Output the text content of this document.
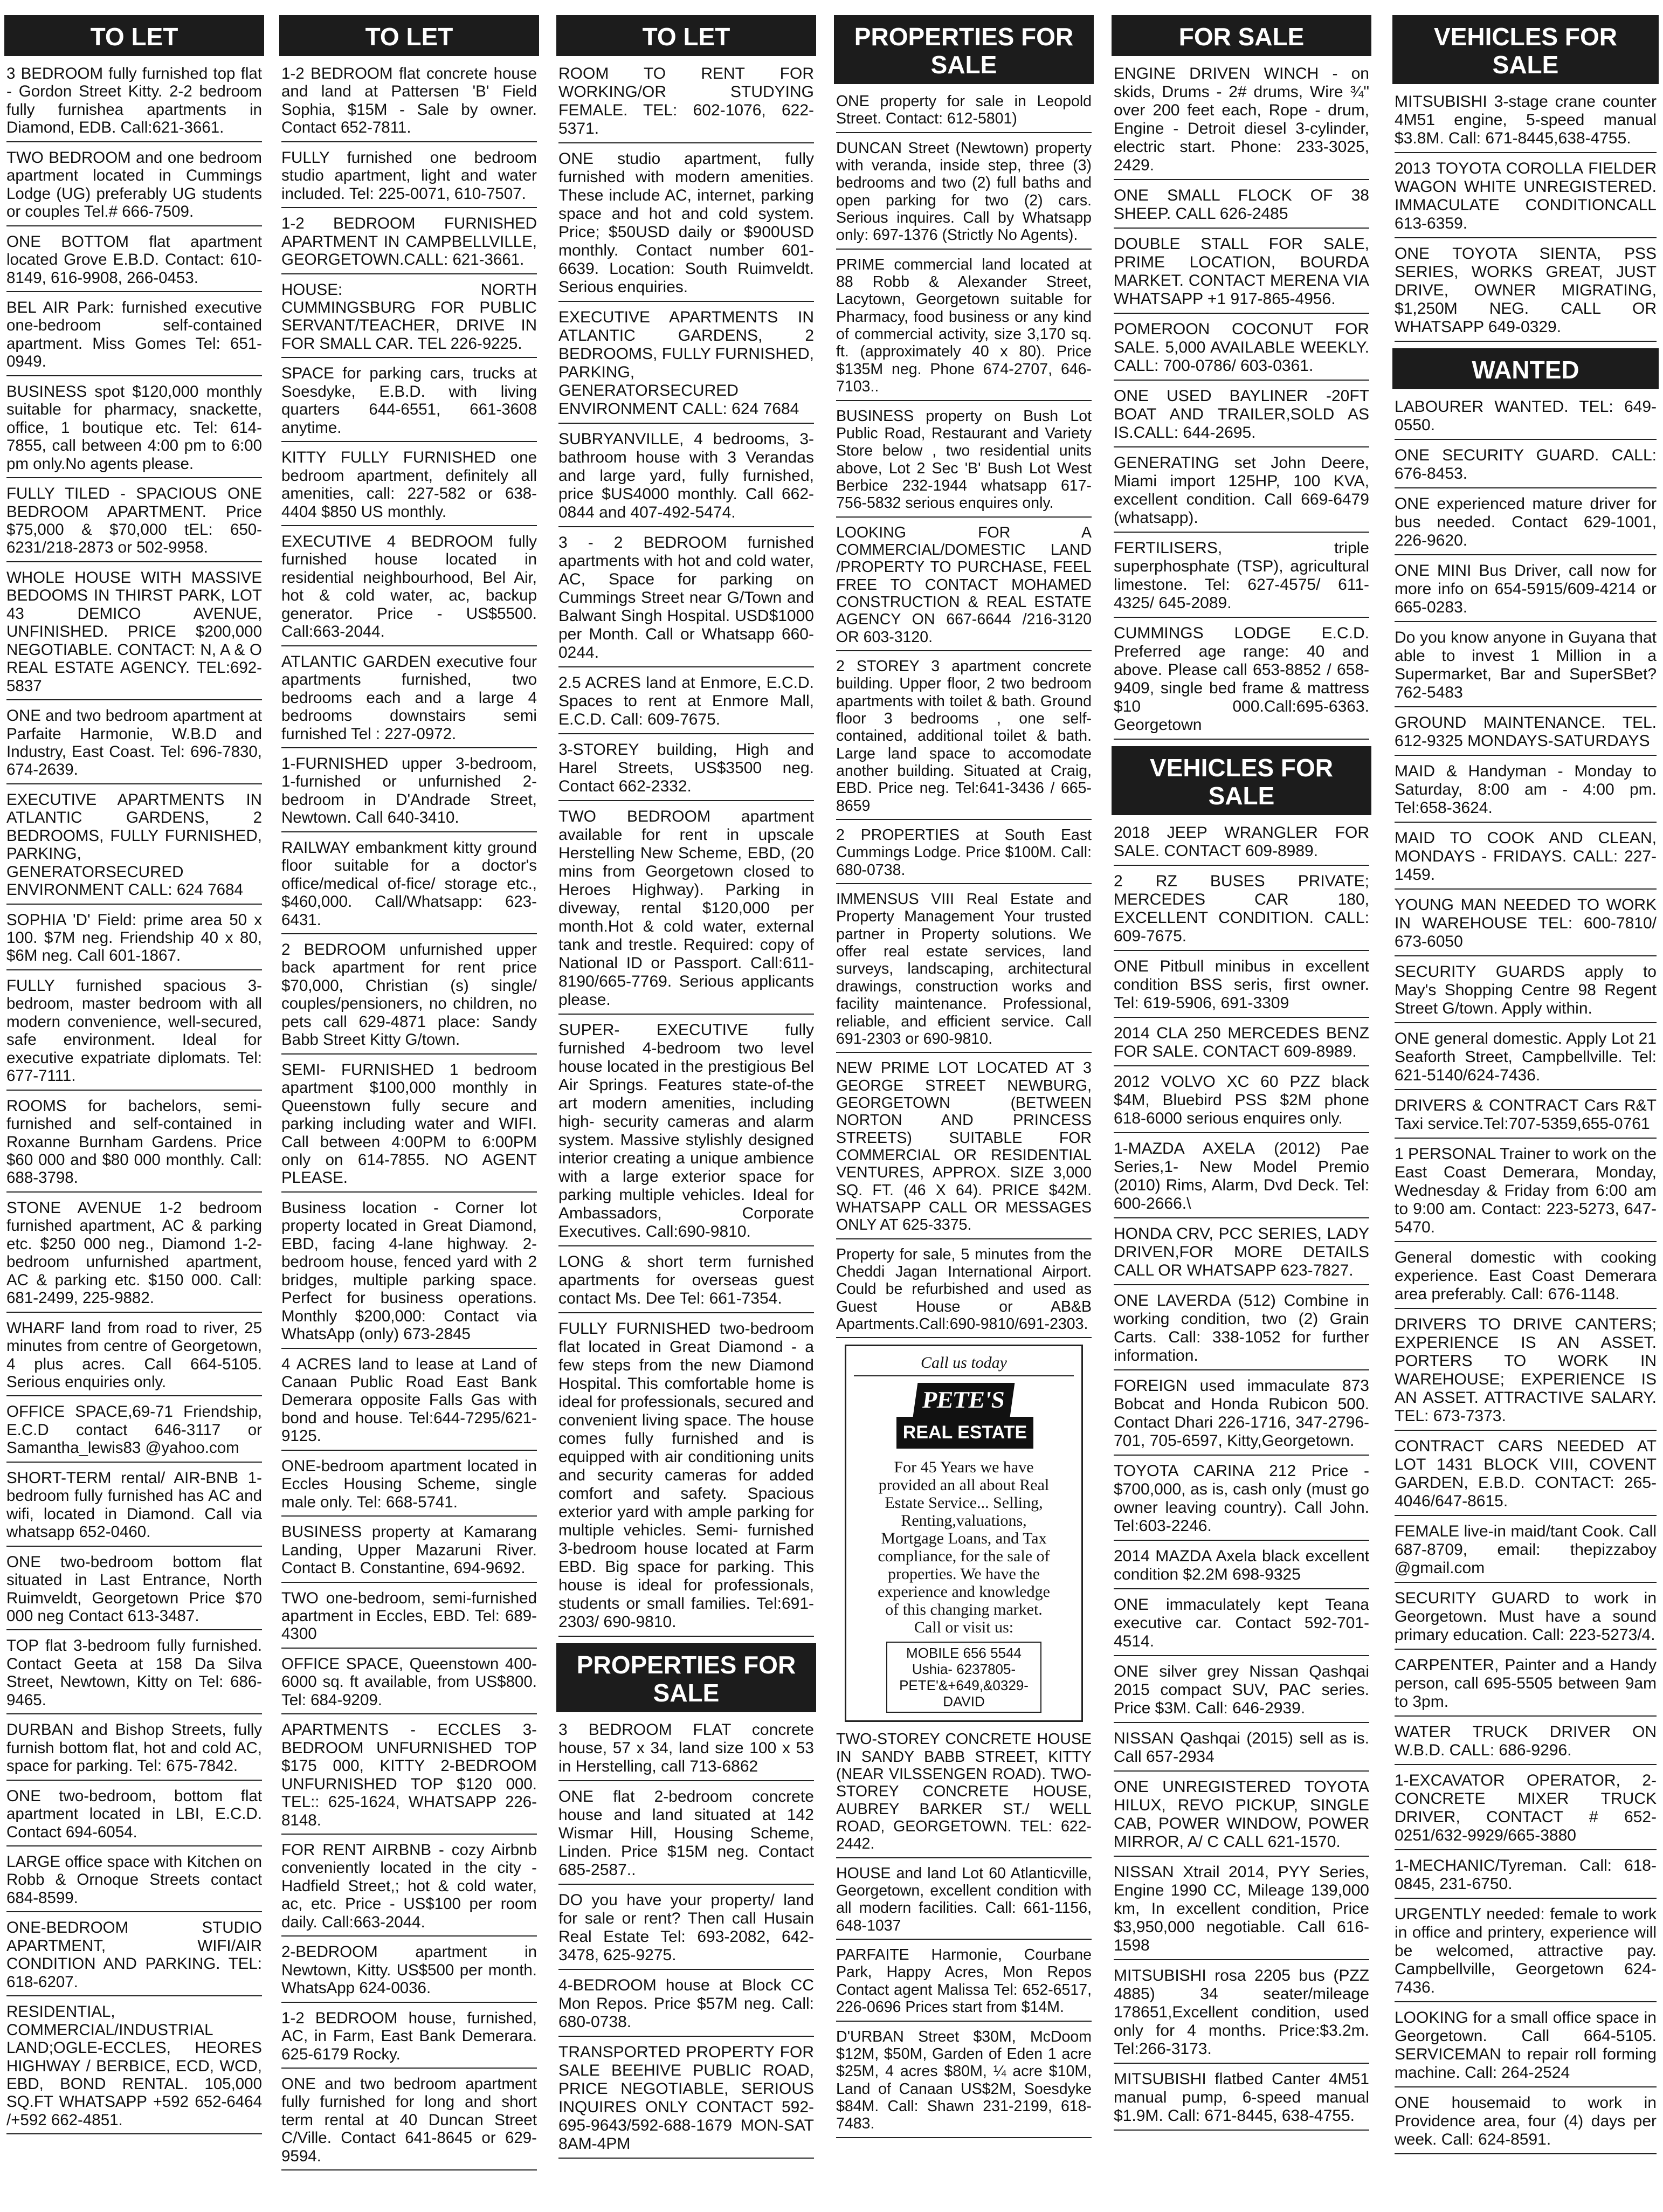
TO LET
3 BEDROOM fully furnished top flat - Gordon Street Kitty. 2-2 bedroom fully furnishea apartments in Diamond, EDB. Call:621-3661.
TWO BEDROOM and one bedroom apartment located in Cummings Lodge (UG) preferably UG students or couples Tel.# 666-7509.
ONE BOTTOM flat apartment located Grove E.B.D. Contact: 610-8149, 616-9908, 266-0453.
BEL AIR Park: furnished executive one-bedroom self-contained apartment. Miss Gomes Tel: 651-0949.
BUSINESS spot $120,000 monthly suitable for pharmacy, snackette, office, 1 boutique etc. Tel: 614-7855, call between 4:00 pm to 6:00 pm only.No agents please.
FULLY TILED - SPACIOUS ONE BEDROOM APARTMENT. Price $75,000 & $70,000 tEL: 650-6231/218-2873 or 502-9958.
WHOLE HOUSE WITH MASSIVE BEDOOMS IN THIRST PARK, LOT 43 DEMICO AVENUE, UNFINISHED. PRICE $200,000 NEGOTIABLE. CONTACT: N, A & O REAL ESTATE AGENCY. TEL:692-5837
ONE and two bedroom apartment at Parfaite Harmonie, W.B.D and Industry, East Coast. Tel: 696-7830, 674-2639.
EXECUTIVE APARTMENTS IN ATLANTIC GARDENS, 2 BEDROOMS, FULLY FURNISHED, PARKING, GENERATORSECURED ENVIRONMENT CALL: 624 7684
SOPHIA 'D' Field: prime area 50 x 100. $7M neg. Friendship 40 x 80, $6M neg. Call 601-1867.
FULLY furnished spacious 3-bedroom, master bedroom with all modern convenience, well-secured, safe environment. Ideal for executive expatriate diplomats. Tel: 677-7111.
ROOMS for bachelors, semi-furnished and self-contained in Roxanne Burnham Gardens. Price $60 000 and $80 000 monthly. Call: 688-3798.
STONE AVENUE 1-2 bedroom furnished apartment, AC & parking etc. $250 000 neg., Diamond 1-2-bedroom unfurnished apartment, AC & parking etc. $150 000. Call: 681-2499, 225-9882.
WHARF land from road to river, 25 minutes from centre of Georgetown, 4 plus acres. Call 664-5105. Serious enquiries only.
OFFICE SPACE,69-71 Friendship, E.C.D contact 646-3117 or Samantha_lewis83 @yahoo.com
SHORT-TERM rental/ AIR-BNB 1-bedroom fully furnished has AC and wifi, located in Diamond. Call via whatsapp 652-0460.
ONE two-bedroom bottom flat situated in Last Entrance, North Ruimveldt, Georgetown Price $70 000 neg Contact 613-3487.
TOP flat 3-bedroom fully furnished. Contact Geeta at 158 Da Silva Street, Newtown, Kitty on Tel: 686-9465.
DURBAN and Bishop Streets, fully furnish bottom flat, hot and cold AC, space for parking. Tel: 675-7842.
ONE two-bedroom, bottom flat apartment located in LBI, E.C.D. Contact 694-6054.
LARGE office space with Kitchen on Robb & Ornoque Streets contact 684-8599.
ONE-BEDROOM STUDIO APARTMENT, WIFI/AIR CONDITION AND PARKING. TEL: 618-6207.
RESIDENTIAL, COMMERCIAL/INDUSTRIAL LAND;OGLE-ECCLES, HEORES HIGHWAY / BERBICE, ECD, WCD, EBD, BOND RENTAL. 105,000 SQ.FT WHATSAPP +592 652-6464 /+592 662-4851.
TO LET
1-2 BEDROOM flat concrete house and land at Pattersen 'B' Field Sophia, $15M - Sale by owner. Contact 652-7811.
FULLY furnished one bedroom studio apartment, light and water included. Tel: 225-0071, 610-7507.
1-2 BEDROOM FURNISHED APARTMENT IN CAMPBELLVILLE, GEORGETOWN.CALL: 621-3661.
HOUSE: NORTH CUMMINGSBURG FOR PUBLIC SERVANT/TEACHER, DRIVE IN FOR SMALL CAR. TEL 226-9225.
SPACE for parking cars, trucks at Soesdyke, E.B.D. with living quarters 644-6551, 661-3608 anytime.
KITTY FULLY FURNISHED one bedroom apartment, definitely all amenities, call: 227-582 or 638-4404 $850 US monthly.
EXECUTIVE 4 BEDROOM fully furnished house located in residential neighbourhood, Bel Air, hot & cold water, ac, backup generator. Price - US$5500. Call:663-2044.
ATLANTIC GARDEN executive four apartments furnished, two bedrooms each and a large 4 bedrooms downstairs semi furnished Tel : 227-0972.
1-FURNISHED upper 3-bedroom, 1-furnished or unfurnished 2-bedroom in D'Andrade Street, Newtown. Call 640-3410.
RAILWAY embankment kitty ground floor suitable for a doctor's office/medical of-fice/ storage etc., $460,000. Call/Whatsapp: 623-6431.
2 BEDROOM unfurnished upper back apartment for rent price $70,000, Christian (s) single/ couples/pensioners, no children, no pets call 629-4871 place: Sandy Babb Street Kitty G/town.
SEMI- FURNISHED 1 bedroom apartment $100,000 monthly in Queenstown fully secure and parking including water and WIFI. Call between 4:00PM to 6:00PM only on 614-7855. NO AGENT PLEASE.
Business location - Corner lot property located in Great Diamond, EBD, facing 4-lane highway. 2-bedroom house, fenced yard with 2 bridges, multiple parking space. Perfect for business operations. Monthly $200,000: Contact via WhatsApp (only) 673-2845
4 ACRES land to lease at Land of Canaan Public Road East Bank Demerara opposite Falls Gas with bond and house. Tel:644-7295/621-9125.
ONE-bedroom apartment located in Eccles Housing Scheme, single male only. Tel: 668-5741.
BUSINESS property at Kamarang Landing, Upper Mazaruni River. Contact B. Constantine, 694-9692.
TWO one-bedroom, semi-furnished apartment in Eccles, EBD. Tel: 689-4300
OFFICE SPACE, Queenstown 400-6000 sq. ft available, from US$800. Tel: 684-9209.
APARTMENTS - ECCLES 3-BEDROOM UNFURNISHED TOP $175 000, KITTY 2-BEDROOM UNFURNISHED TOP $120 000. TEL:: 625-1624, WHATSAPP 226-8148.
FOR RENT AIRBNB - cozy Airbnb conveniently located in the city - Hadfield Street,; hot & cold water, ac, etc. Price - US$100 per room daily. Call:663-2044.
2-BEDROOM apartment in Newtown, Kitty. US$500 per month. WhatsApp 624-0036.
1-2 BEDROOM house, furnished, AC, in Farm, East Bank Demerara. 625-6179 Rocky.
ONE and two bedroom apartment fully furnished for long and short term rental at 40 Duncan Street C/Ville. Contact 641-8645 or 629-9594.
TO LET
ROOM TO RENT FOR WORKING/OR STUDYING FEMALE. TEL: 602-1076, 622-5371.
ONE studio apartment, fully furnished with modern amenities. These include AC, internet, parking space and hot and cold system. Price; $50USD daily or $900USD monthly. Contact number 601-6639. Location: South Ruimveldt. Serious enquiries.
EXECUTIVE APARTMENTS IN ATLANTIC GARDENS, 2 BEDROOMS, FULLY FURNISHED, PARKING, GENERATORSECURED ENVIRONMENT CALL: 624 7684
SUBRYANVILLE, 4 bedrooms, 3-bathroom house with 3 Verandas and large yard, fully furnished, price $US4000 monthly. Call 662-0844 and 407-492-5474.
3 - 2 BEDROOM furnished apartments with hot and cold water, AC, Space for parking on Cummings Street near G/Town and Balwant Singh Hospital. USD$1000 per Month. Call or Whatsapp 660-0244.
2.5 ACRES land at Enmore, E.C.D. Spaces to rent at Enmore Mall, E.C.D. Call: 609-7675.
3-STOREY building, High and Harel Streets, US$3500 neg. Contact 662-2332.
TWO BEDROOM apartment available for rent in upscale Herstelling New Scheme, EBD, (20 mins from Georgetown closed to Heroes Highway). Parking in diveway, rental $120,000 per month.Hot & cold water, external tank and trestle. Required: copy of National ID or Passport. Call:611-8190/665-7769. Serious applicants please.
SUPER- EXECUTIVE fully furnished 4-bedroom two level house located in the prestigious Bel Air Springs. Features state-of-the art modern amenities, including high- security cameras and alarm system. Massive stylishly designed interior creating a unique ambience with a large exterior space for parking multiple vehicles. Ideal for Ambassadors, Corporate Executives. Call:690-9810.
LONG & short term furnished apartments for overseas guest contact Ms. Dee Tel: 661-7354.
FULLY FURNISHED two-bedroom flat located in Great Diamond - a few steps from the new Diamond Hospital. This comfortable home is ideal for professionals, secured and convenient living space. The house comes fully furnished and is equipped with air conditioning units and security cameras for added comfort and safety. Spacious exterior yard with ample parking for multiple vehicles. Semi- furnished 3-bedroom house located at Farm EBD. Big space for parking. This house is ideal for professionals, students or small families. Tel:691-2303/ 690-9810.
PROPERTIES FOR SALE
3 BEDROOM FLAT concrete house, 57 x 34, land size 100 x 53 in Herstelling, call 713-6862
ONE flat 2-bedroom concrete house and land situated at 142 Wismar Hill, Housing Scheme, Linden. Price $15M neg. Contact 685-2587..
DO you have your property/ land for sale or rent? Then call Husain Real Estate Tel: 693-2082, 642-3478, 625-9275.
4-BEDROOM house at Block CC Mon Repos. Price $57M neg. Call: 680-0738.
TRANSPORTED PROPERTY FOR SALE BEEHIVE PUBLIC ROAD, PRICE NEGOTIABLE, SERIOUS INQUIRES ONLY CONTACT 592-695-9643/592-688-1679 MON-SAT 8AM-4PM
PROPERTIES FOR SALE
ONE property for sale in Leopold Street. Contact: 612-5801)
DUNCAN Street (Newtown) property with veranda, inside step, three (3) bedrooms and two (2) full baths and open parking for two (2) cars. Serious inquires. Call by Whatsapp only: 697-1376 (Strictly No Agents).
PRIME commercial land located at 88 Robb & Alexander Street, Lacytown, Georgetown suitable for Pharmacy, food business or any kind of commercial activity, size 3,170 sq. ft. (approximately 40 x 80). Price $135M neg. Phone 674-2707, 646-7103..
BUSINESS property on Bush Lot Public Road, Restaurant and Variety Store below , two residential units above, Lot 2 Sec 'B' Bush Lot West Berbice 232-1944 whatsapp 617-756-5832 serious enquires only.
LOOKING FOR A COMMERCIAL/DOMESTIC LAND /PROPERTY TO PURCHASE, FEEL FREE TO CONTACT MOHAMED CONSTRUCTION & REAL ESTATE AGENCY ON 667-6644 /216-3120 OR 603-3120.
2 STOREY 3 apartment concrete building. Upper floor, 2 two bedroom apartments with toilet & bath. Ground floor 3 bedrooms , one self-contained, additional toilet & bath. Large land space to accomodate another building. Situated at Craig, EBD. Price neg. Tel:641-3436 / 665-8659
2 PROPERTIES at South East Cummings Lodge. Price $100M. Call: 680-0738.
IMMENSUS VIII Real Estate and Property Management Your trusted partner in Property solutions. We offer real estate services, land surveys, landscaping, architectural drawings, construction works and facility maintenance. Professional, reliable, and efficient service. Call 691-2303 or 690-9810.
NEW PRIME LOT LOCATED AT 3 GEORGE STREET NEWBURG, GEORGETOWN (BETWEEN NORTON AND PRINCESS STREETS) SUITABLE FOR COMMERCIAL OR RESIDENTIAL VENTURES, APPROX. SIZE 3,000 SQ. FT. (46 X 64). PRICE $42M. WHATSAPP CALL OR MESSAGES ONLY AT 625-3375.
Property for sale, 5 minutes from the Cheddi Jagan International Airport. Could be refurbished and used as Guest House or AB&B Apartments.Call:690-9810/691-2303.
Call us today
PETE'SREAL ESTATE
For 45 Years we have provided an all about Real Estate Service... Selling, Renting,valuations, Mortgage Loans, and Tax compliance, for the sale of properties. We have the experience and knowledge of this changing market. Call or visit us:
MOBILE 656 5544 Ushia- 6237805- PETE'&+649,&0329-DAVID
TWO-STOREY CONCRETE HOUSE IN SANDY BABB STREET, KITTY (NEAR VILSSENGEN ROAD). TWO-STOREY CONCRETE HOUSE, AUBREY BARKER ST./ WELL ROAD, GEORGETOWN. TEL: 622-2442.
HOUSE and land Lot 60 Atlanticville, Georgetown, excellent condition with all modern facilities. Call: 661-1156, 648-1037
PARFAITE Harmonie, Courbane Park, Happy Acres, Mon Repos Contact agent Malissa Tel: 652-6517, 226-0696 Prices start from $14M.
D'URBAN Street $30M, McDoom $12M, $50M, Garden of Eden 1 acre $25M, 4 acres $80M, ¼ acre $10M, Land of Canaan US$2M, Soesdyke $84M. Call: Shawn 231-2199, 618-7483.
FOR SALE
ENGINE DRIVEN WINCH - on skids, Drums - 2# drums, Wire ¾" over 200 feet each, Rope - drum, Engine - Detroit diesel 3-cylinder, electric start. Phone: 233-3025, 2429.
ONE SMALL FLOCK OF 38 SHEEP. CALL 626-2485
DOUBLE STALL FOR SALE, PRIME LOCATION, BOURDA MARKET. CONTACT MERENA VIA WHATSAPP +1 917-865-4956.
POMEROON COCONUT FOR SALE. 5,000 AVAILABLE WEEKLY. CALL: 700-0786/ 603-0361.
ONE USED BAYLINER -20FT BOAT AND TRAILER,SOLD AS IS.CALL: 644-2695.
GENERATING set John Deere, Miami import 125HP, 100 KVA, excellent condition. Call 669-6479 (whatsapp).
FERTILISERS, triple superphosphate (TSP), agricultural limestone. Tel: 627-4575/ 611-4325/ 645-2089.
CUMMINGS LODGE E.C.D. Preferred age range: 40 and above. Please call 653-8852 / 658-9409, single bed frame & mattress $10 000.Call:695-6363. Georgetown
VEHICLES FOR SALE
2018 JEEP WRANGLER FOR SALE. CONTACT 609-8989.
2 RZ BUSES PRIVATE; MERCEDES CAR 180, EXCELLENT CONDITION. CALL: 609-7675.
ONE Pitbull minibus in excellent condition BSS seris, first owner. Tel: 619-5906, 691-3309
2014 CLA 250 MERCEDES BENZ FOR SALE. CONTACT 609-8989.
2012 VOLVO XC 60 PZZ black $4M, Bluebird PSS $2M phone 618-6000 serious enquires only.
1-MAZDA AXELA (2012) Pae Series,1- New Model Premio (2010) Rims, Alarm, Dvd Deck. Tel: 600-2666.\
HONDA CRV, PCC SERIES, LADY DRIVEN,FOR MORE DETAILS CALL OR WHATSAPP 623-7827.
ONE LAVERDA (512) Combine in working condition, two (2) Grain Carts. Call: 338-1052 for further information.
FOREIGN used immaculate 873 Bobcat and Honda Rubicon 500. Contact Dhari 226-1716, 347-2796-701, 705-6597, Kitty,Georgetown.
TOYOTA CARINA 212 Price - $700,000, as is, cash only (must go owner leaving country). Call John. Tel:603-2246.
2014 MAZDA Axela black excellent condition $2.2M 698-9325
ONE immaculately kept Teana executive car. Contact 592-701-4514.
ONE silver grey Nissan Qashqai 2015 compact SUV, PAC series. Price $3M. Call: 646-2939.
NISSAN Qashqai (2015) sell as is. Call 657-2934
ONE UNREGISTERED TOYOTA HILUX, REVO PICKUP, SINGLE CAB, POWER WINDOW, POWER MIRROR, A/ C CALL 621-1570.
NISSAN Xtrail 2014, PYY Series, Engine 1990 CC, Mileage 139,000 km, In excellent condition, Price $3,950,000 negotiable. Call 616-1598
MITSUBISHI rosa 2205 bus (PZZ 4885) 34 seater/mileage 178651,Excellent condition, used only for 4 months. Price:$3.2m. Tel:266-3173.
MITSUBISHI flatbed Canter 4M51 manual pump, 6-speed manual $1.9M. Call: 671-8445, 638-4755.
VEHICLES FOR SALE
MITSUBISHI 3-stage crane counter 4M51 engine, 5-speed manual $3.8M. Call: 671-8445,638-4755.
2013 TOYOTA COROLLA FIELDER WAGON WHITE UNREGISTERED. IMMACULATE CONDITIONCALL 613-6359.
ONE TOYOTA SIENTA, PSS SERIES, WORKS GREAT, JUST DRIVE, OWNER MIGRATING, $1,250M NEG. CALL OR WHATSAPP 649-0329.
WANTED
LABOURER WANTED. TEL: 649-0550.
ONE SECURITY GUARD. CALL: 676-8453.
ONE experienced mature driver for bus needed. Contact 629-1001, 226-9620.
ONE MINI Bus Driver, call now for more info on 654-5915/609-4214 or 665-0283.
Do you know anyone in Guyana that able to invest 1 Million in a Supermarket, Bar and SuperSBet? 762-5483
GROUND MAINTENANCE. TEL. 612-9325 MONDAYS-SATURDAYS
MAID & Handyman - Monday to Saturday, 8:00 am - 4:00 pm. Tel:658-3624.
MAID TO COOK AND CLEAN, MONDAYS - FRIDAYS. CALL: 227-1459.
YOUNG MAN NEEDED TO WORK IN WAREHOUSE TEL: 600-7810/ 673-6050
SECURITY GUARDS apply to May's Shopping Centre 98 Regent Street G/town. Apply within.
ONE general domestic. Apply Lot 21 Seaforth Street, Campbellville. Tel: 621-5140/624-7436.
DRIVERS & CONTRACT Cars R&T Taxi service.Tel:707-5359,655-0761
1 PERSONAL Trainer to work on the East Coast Demerara, Monday, Wednesday & Friday from 6:00 am to 9:00 am. Contact: 223-5273, 647-5470.
General domestic with cooking experience. East Coast Demerara area preferably. Call: 676-1148.
DRIVERS TO DRIVE CANTERS; EXPERIENCE IS AN ASSET. PORTERS TO WORK IN WAREHOUSE; EXPERIENCE IS AN ASSET. ATTRACTIVE SALARY. TEL: 673-7373.
CONTRACT CARS NEEDED AT LOT 1431 BLOCK VIII, COVENT GARDEN, E.B.D. CONTACT: 265-4046/647-8615.
FEMALE live-in maid/tant Cook. Call 687-8709, email: thepizzaboy @gmail.com
SECURITY GUARD to work in Georgetown. Must have a sound primary education. Call: 223-5273/4.
CARPENTER, Painter and a Handy person, call 695-5505 between 9am to 3pm.
WATER TRUCK DRIVER ON W.B.D. CALL: 686-9296.
1-EXCAVATOR OPERATOR, 2- CONCRETE MIXER TRUCK DRIVER, CONTACT # 652-0251/632-9929/665-3880
1-MECHANIC/Tyreman. Call: 618-0845, 231-6750.
URGENTLY needed: female to work in office and printery, experience will be welcomed, attractive pay. Campbellville, Georgetown 624-7436.
LOOKING for a small office space in Georgetown. Call 664-5105. SERVICEMAN to repair roll forming machine. Call: 264-2524
ONE housemaid to work in Providence area, four (4) days per week. Call: 624-8591.
